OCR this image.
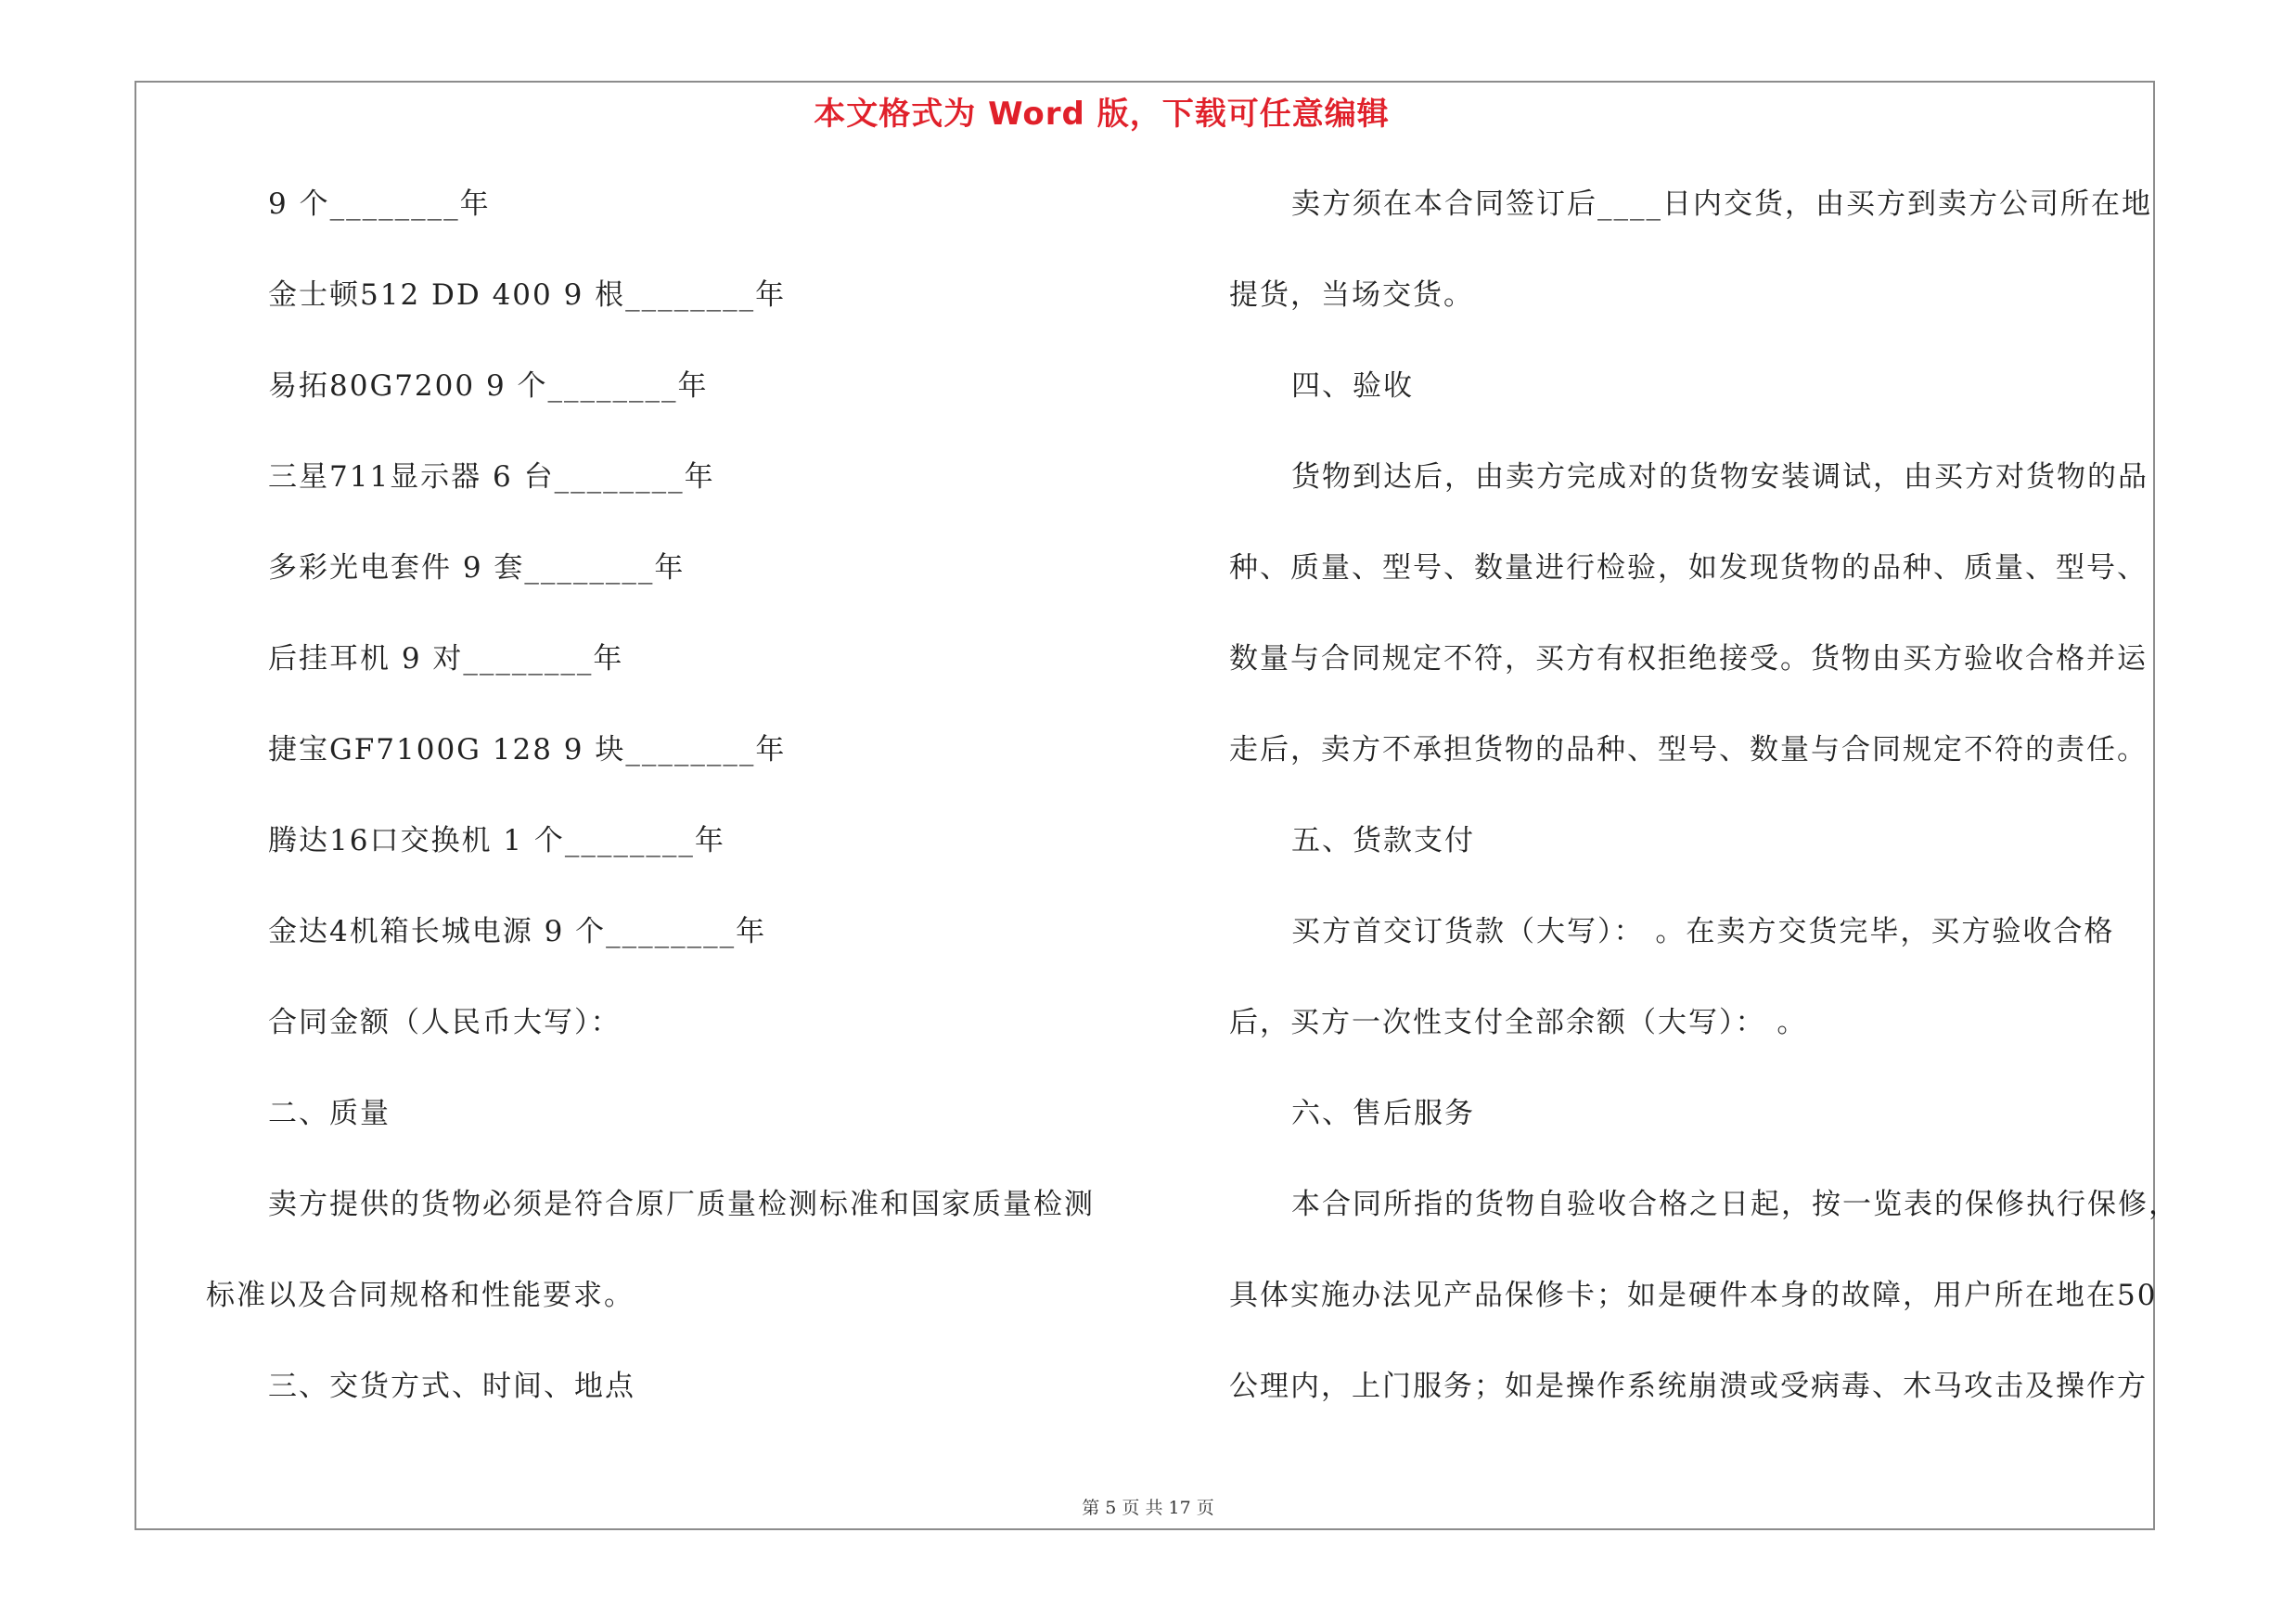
本文格式为 Word 版，下载可任意编辑
9 个________年
金士顿512 DD 400 9 根________年
易拓80G7200 9 个________年
三星711显示器 6 台________年
多彩光电套件 9 套________年
后挂耳机 9 对________年
捷宝GF7100G 128 9 块________年
腾达16口交换机 1 个________年
金达4机箱长城电源 9 个________年
合同金额（人民币大写）：
二、质量
卖方提供的货物必须是符合原厂质量检测标准和国家质量检测
标准以及合同规格和性能要求。
三、交货方式、时间、地点
卖方须在本合同签订后____日内交货，由买方到卖方公司所在地
提货，当场交货。
四、验收
货物到达后，由卖方完成对的货物安装调试，由买方对货物的品
种、质量、型号、数量进行检验，如发现货物的品种、质量、型号、
数量与合同规定不符，买方有权拒绝接受。货物由买方验收合格并运
走后，卖方不承担货物的品种、型号、数量与合同规定不符的责任。
五、货款支付
买方首交订货款（大写）： 。在卖方交货完毕，买方验收合格
后，买方一次性支付全部余额（大写）： 。
六、售后服务
本合同所指的货物自验收合格之日起，按一览表的保修执行保修，
具体实施办法见产品保修卡；如是硬件本身的故障，用户所在地在50
公理内，上门服务；如是操作系统崩溃或受病毒、木马攻击及操作方
第 5 页 共 17 页
